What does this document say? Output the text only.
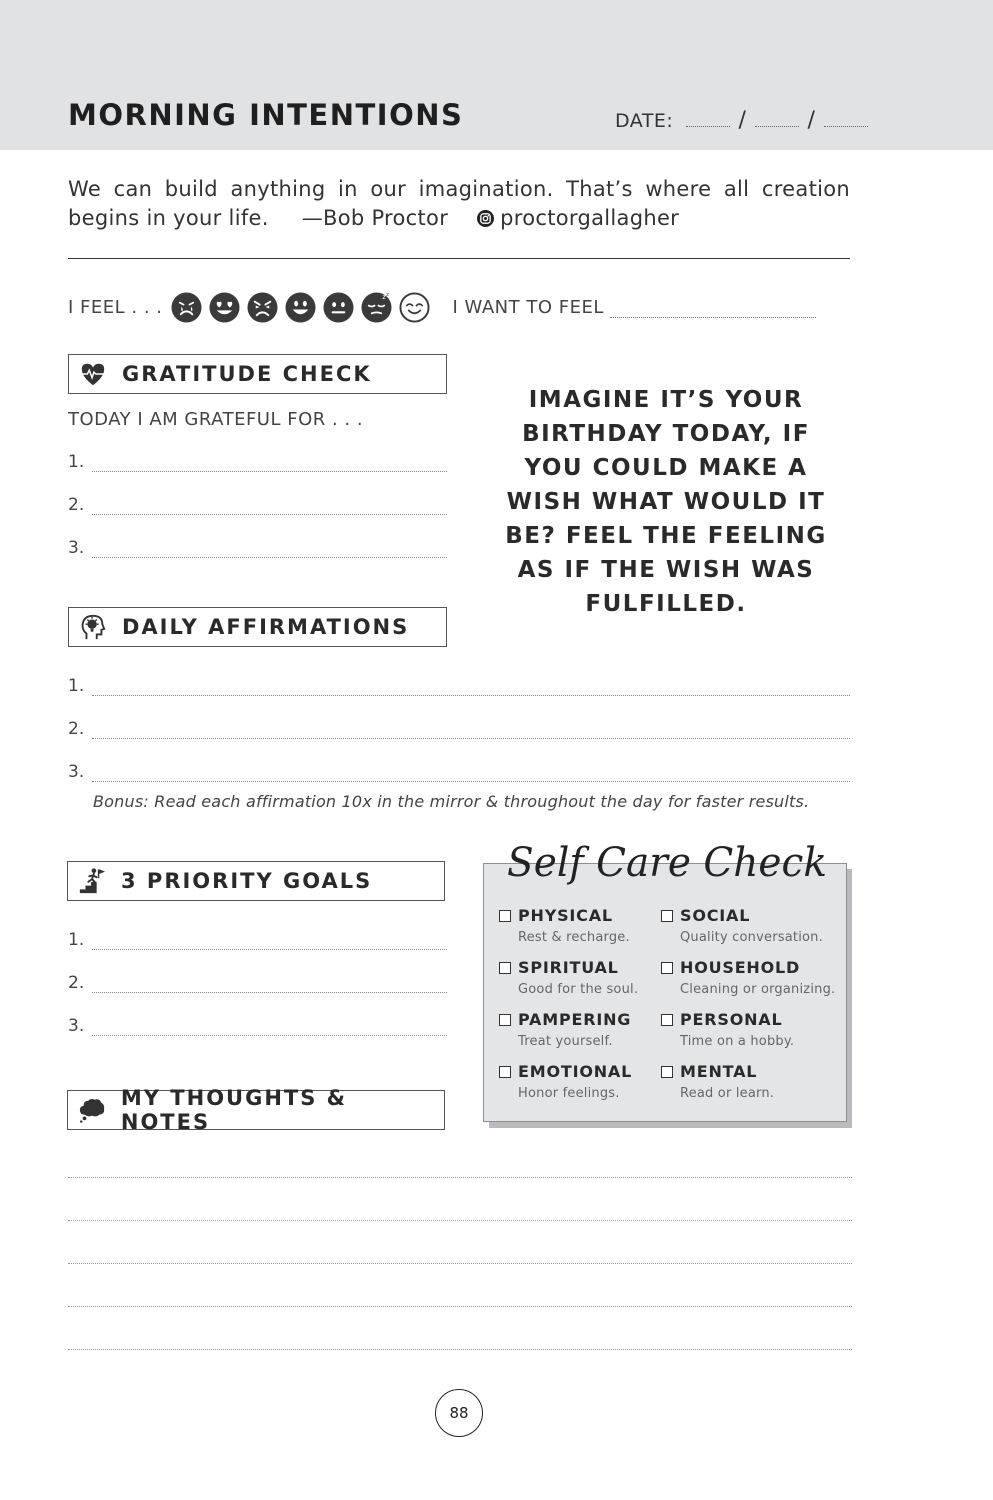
MORNING INTENTIONS	DATE:	/	/
We can build anything in our imagination. That’s where all creation
begins in your life. —Bob Proctor proctorgallagher
I FEEL . . .
z z
I WANT TO FEEL
GRATITUDE CHECK
TODAY I AM GRATEFUL FOR . . .
1.
2.
3.
IMAGINE IT’S YOUR BIRTHDAY TODAY, IF YOU COULD MAKE A WISH WHAT WOULD IT BE? FEEL THE FEELING AS IF THE WISH WAS FULFILLED.
DAILY AFFIRMATIONS
1.
2.
3.
Bonus: Read each affirmation 10x in the mirror & throughout the day for faster results.
3 PRIORITY GOALS
1.
2.
3.
Self Care Check
PHYSICAL
Rest & recharge.
SOCIAL
Quality conversation.
SPIRITUAL
Good for the soul.
HOUSEHOLD
Cleaning or organizing.
PAMPERING
Treat yourself.
PERSONAL
Time on a hobby.
EMOTIONAL
Honor feelings.
MENTAL
Read or learn.
MY THOUGHTS & NOTES
88
